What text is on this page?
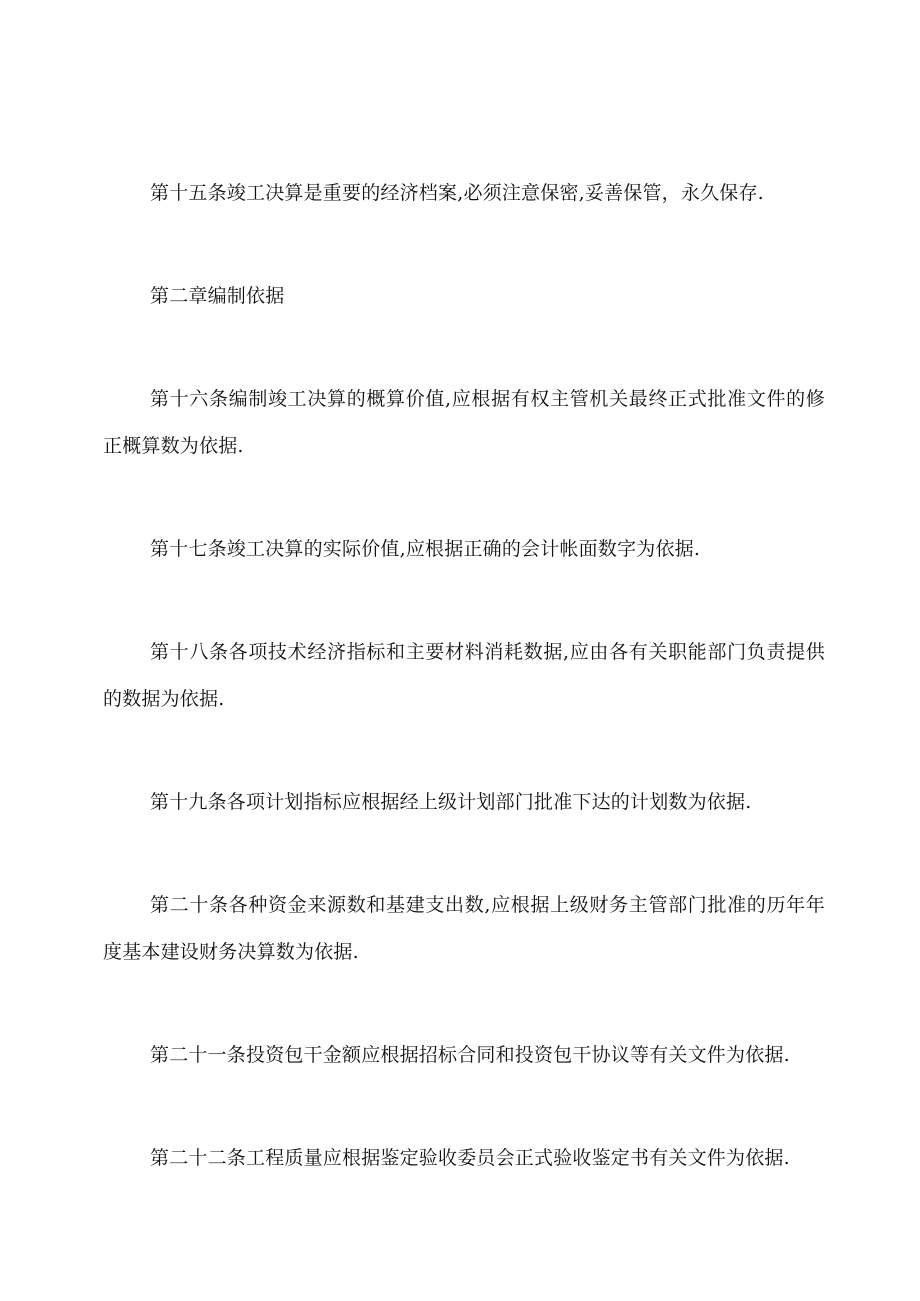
第十五条竣工决算是重要的经济档案,必须注意保密,妥善保管，永久保存.

第二章编制依据

第十六条编制竣工决算的概算价值,应根据有权主管机关最终正式批准文件的修正概算数为依据.

第十七条竣工决算的实际价值,应根据正确的会计帐面数字为依据.

第十八条各项技术经济指标和主要材料消耗数据,应由各有关职能部门负责提供的数据为依据.

第十九条各项计划指标应根据经上级计划部门批准下达的计划数为依据.

第二十条各种资金来源数和基建支出数,应根据上级财务主管部门批准的历年年度基本建设财务决算数为依据.

第二十一条投资包干金额应根据招标合同和投资包干协议等有关文件为依据.

第二十二条工程质量应根据鉴定验收委员会正式验收鉴定书有关文件为依据.
